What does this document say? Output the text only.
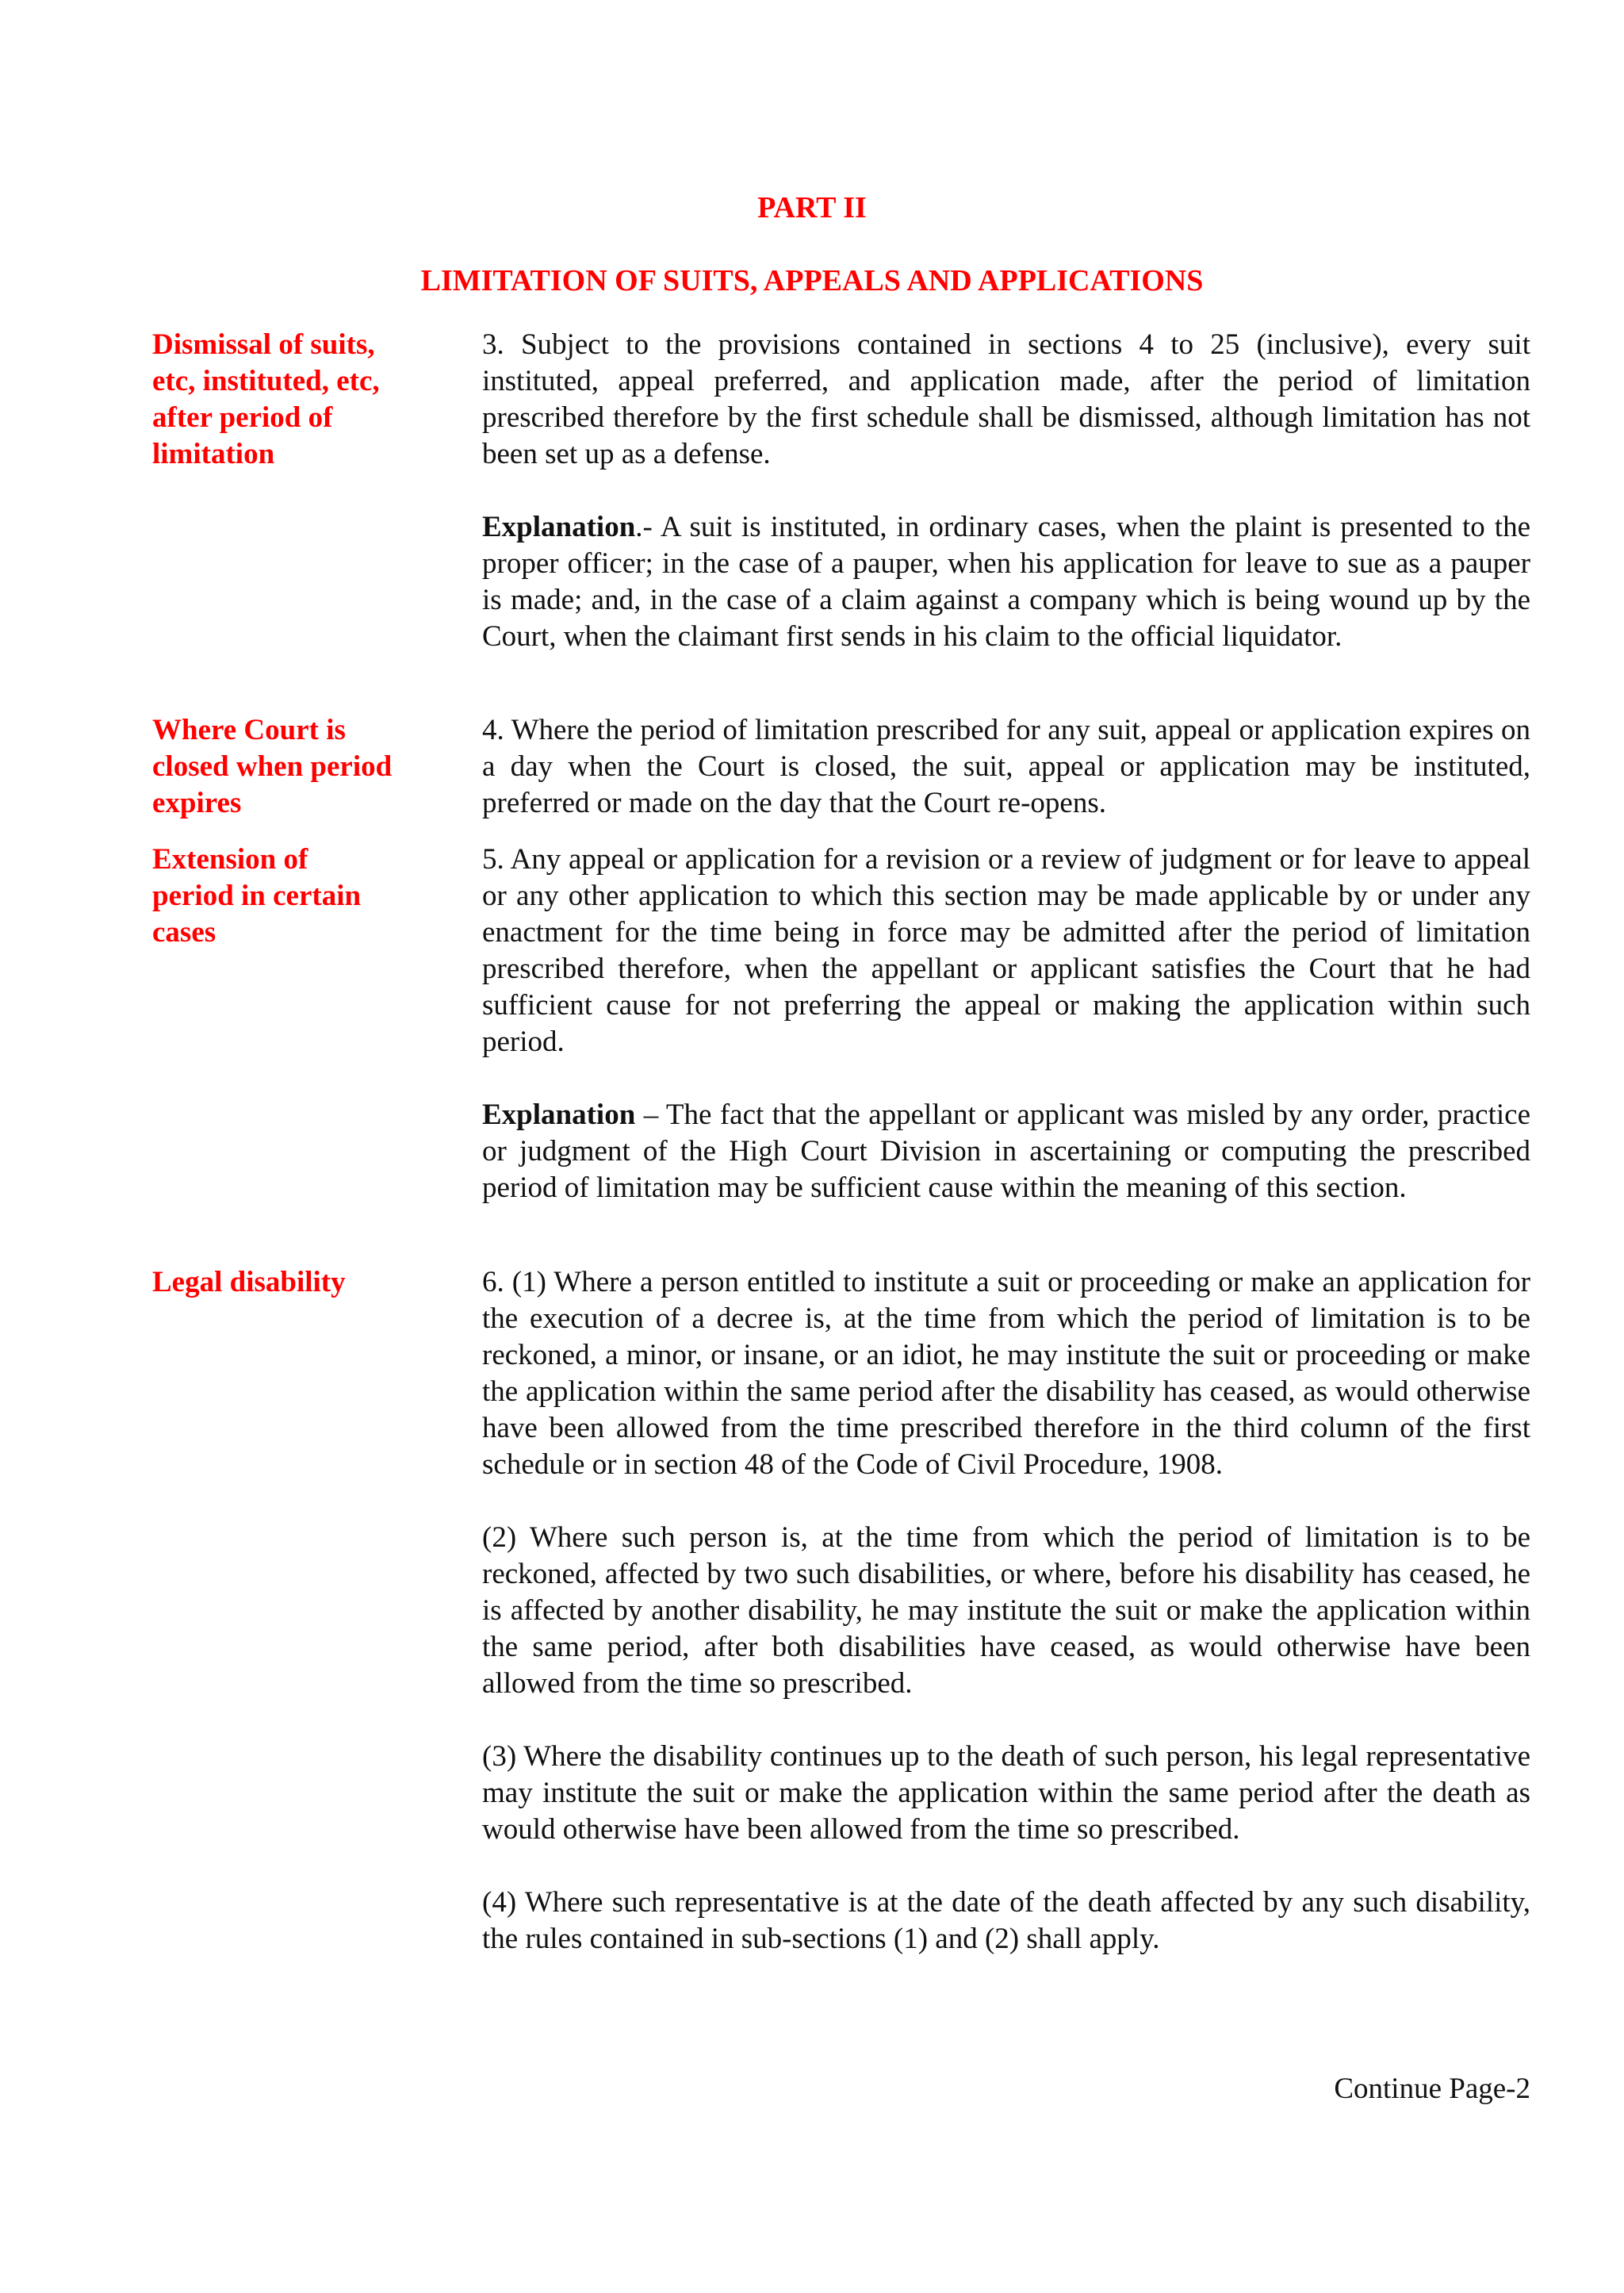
PART II
LIMITATION OF SUITS, APPEALS AND APPLICATIONS

Dismissal of suits,
etc, instituted, etc,
after period of
limitation

3. Subject to the provisions contained in sections 4 to 25 (inclusive), every suit instituted, appeal preferred, and application made, after the period of limitation prescribed therefore by the first schedule shall be dismissed, although limitation has not been set up as a defense.

Explanation.- A suit is instituted, in ordinary cases, when the plaint is presented to the proper officer; in the case of a pauper, when his application for leave to sue as a pauper is made; and, in the case of a claim against a company which is being wound up by the Court, when the claimant first sends in his claim to the official liquidator.

Where Court is
closed when period
expires

4. Where the period of limitation prescribed for any suit, appeal or application expires on a day when the Court is closed, the suit, appeal or application may be instituted, preferred or made on the day that the Court re-opens.

Extension of
period in certain
cases

5. Any appeal or application for a revision or a review of judgment or for leave to appeal or any other application to which this section may be made applicable by or under any enactment for the time being in force may be admitted after the period of limitation prescribed therefore, when the appellant or applicant satisfies the Court that he had sufficient cause for not preferring the appeal or making the application within such period.

Explanation – The fact that the appellant or applicant was misled by any order, practice or judgment of the High Court Division in ascertaining or computing the prescribed period of limitation may be sufficient cause within the meaning of this section.

Legal disability	6. (1) Where a person entitled to institute a suit or proceeding or make an application for the execution of a decree is, at the time from which the period of limitation is to be reckoned, a minor, or insane, or an idiot, he may institute the suit or proceeding or make the application within the same period after the disability has ceased, as would otherwise have been allowed from the time prescribed therefore in the third column of the first schedule or in section 48 of the Code of Civil Procedure, 1908.

(2) Where such person is, at the time from which the period of limitation is to be reckoned, affected by two such disabilities, or where, before his disability has ceased, he is affected by another disability, he may institute the suit or make the application within the same period, after both disabilities have ceased, as would otherwise have been allowed from the time so prescribed.

(3) Where the disability continues up to the death of such person, his legal representative may institute the suit or make the application within the same period after the death as would otherwise have been allowed from the time so prescribed.

(4) Where such representative is at the date of the death affected by any such disability, the rules contained in sub-sections (1) and (2) shall apply.

Continue Page-2
